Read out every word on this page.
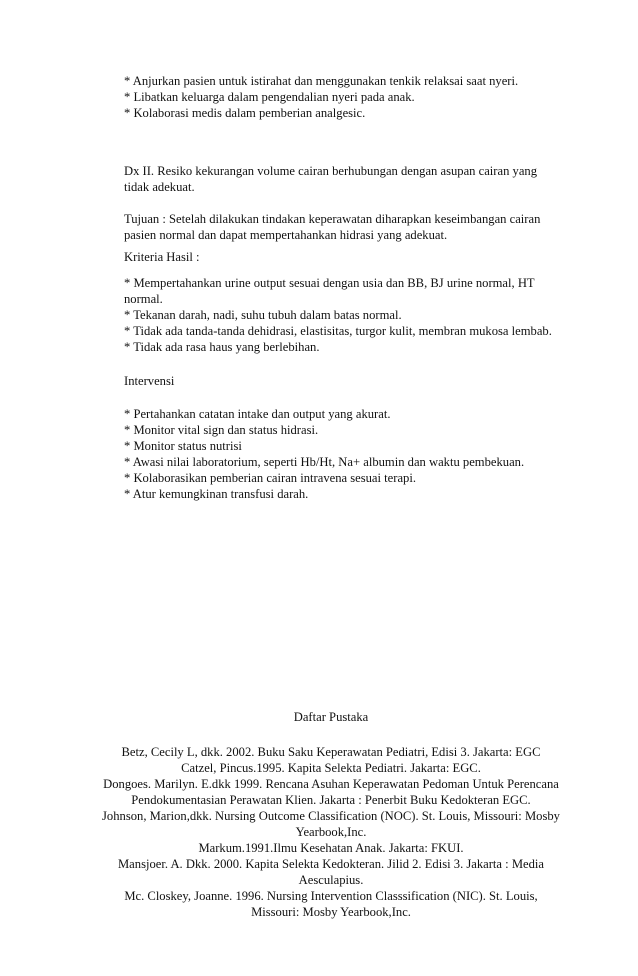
* Anjurkan pasien untuk istirahat dan menggunakan tenkik relaksai saat nyeri.
* Libatkan keluarga dalam pengendalian nyeri pada anak.
* Kolaborasi medis dalam pemberian analgesic.
Dx II. Resiko kekurangan volume cairan berhubungan dengan asupan cairan yang
tidak adekuat.
Tujuan : Setelah dilakukan tindakan keperawatan diharapkan keseimbangan cairan
pasien normal dan dapat mempertahankan hidrasi yang adekuat.
Kriteria Hasil :
* Mempertahankan urine output sesuai dengan usia dan BB, BJ urine normal, HT
normal.
* Tekanan darah, nadi, suhu tubuh dalam batas normal.
* Tidak ada tanda-tanda dehidrasi, elastisitas, turgor kulit, membran mukosa lembab.
* Tidak ada rasa haus yang berlebihan.
Intervensi
* Pertahankan catatan intake dan output yang akurat.
* Monitor vital sign dan status hidrasi.
* Monitor status nutrisi
* Awasi nilai laboratorium, seperti Hb/Ht, Na+ albumin dan waktu pembekuan.
* Kolaborasikan pemberian cairan intravena sesuai terapi.
* Atur kemungkinan transfusi darah.
Daftar Pustaka
Betz, Cecily L, dkk. 2002. Buku Saku Keperawatan Pediatri, Edisi 3. Jakarta: EGC
Catzel, Pincus.1995. Kapita Selekta Pediatri. Jakarta: EGC.
Dongoes. Marilyn. E.dkk 1999. Rencana Asuhan Keperawatan Pedoman Untuk Perencana
Pendokumentasian Perawatan Klien. Jakarta : Penerbit Buku Kedokteran EGC.
Johnson, Marion,dkk. Nursing Outcome Classification (NOC). St. Louis, Missouri: Mosby
Yearbook,Inc.
Markum.1991.Ilmu Kesehatan Anak. Jakarta: FKUI.
Mansjoer. A. Dkk. 2000. Kapita Selekta Kedokteran. Jilid 2. Edisi 3. Jakarta : Media
Aesculapius.
Mc. Closkey, Joanne. 1996. Nursing Intervention Classsification (NIC). St. Louis,
Missouri: Mosby Yearbook,Inc.
